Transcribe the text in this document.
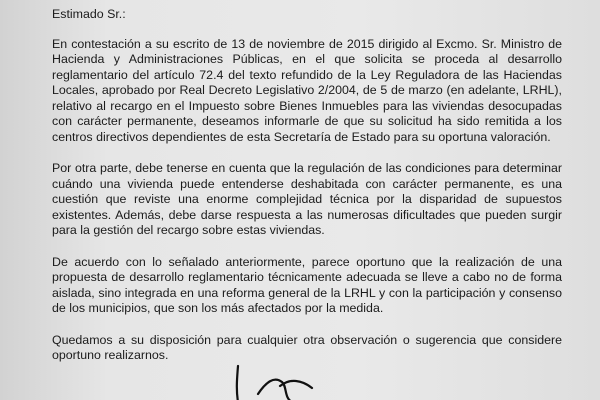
Estimado Sr.:
En contestación a su escrito de 13 de noviembre de 2015 dirigido al Excmo. Sr. Ministro de
Hacienda y Administraciones Públicas, en el que solicita se proceda al desarrollo
reglamentario del artículo 72.4 del texto refundido de la Ley Reguladora de las Haciendas
Locales, aprobado por Real Decreto Legislativo 2/2004, de 5 de marzo (en adelante, LRHL),
relativo al recargo en el Impuesto sobre Bienes Inmuebles para las viviendas desocupadas
con carácter permanente, deseamos informarle de que su solicitud ha sido remitida a los
centros directivos dependientes de esta Secretaría de Estado para su oportuna valoración.
Por otra parte, debe tenerse en cuenta que la regulación de las condiciones para determinar
cuándo una vivienda puede entenderse deshabitada con carácter permanente, es una
cuestión que reviste una enorme complejidad técnica por la disparidad de supuestos
existentes. Además, debe darse respuesta a las numerosas dificultades que pueden surgir
para la gestión del recargo sobre estas viviendas.
De acuerdo con lo señalado anteriormente, parece oportuno que la realización de una
propuesta de desarrollo reglamentario técnicamente adecuada se lleve a cabo no de forma
aislada, sino integrada en una reforma general de la LRHL y con la participación y consenso
de los municipios, que son los más afectados por la medida.
Quedamos a su disposición para cualquier otra observación o sugerencia que considere
oportuno realizarnos.
